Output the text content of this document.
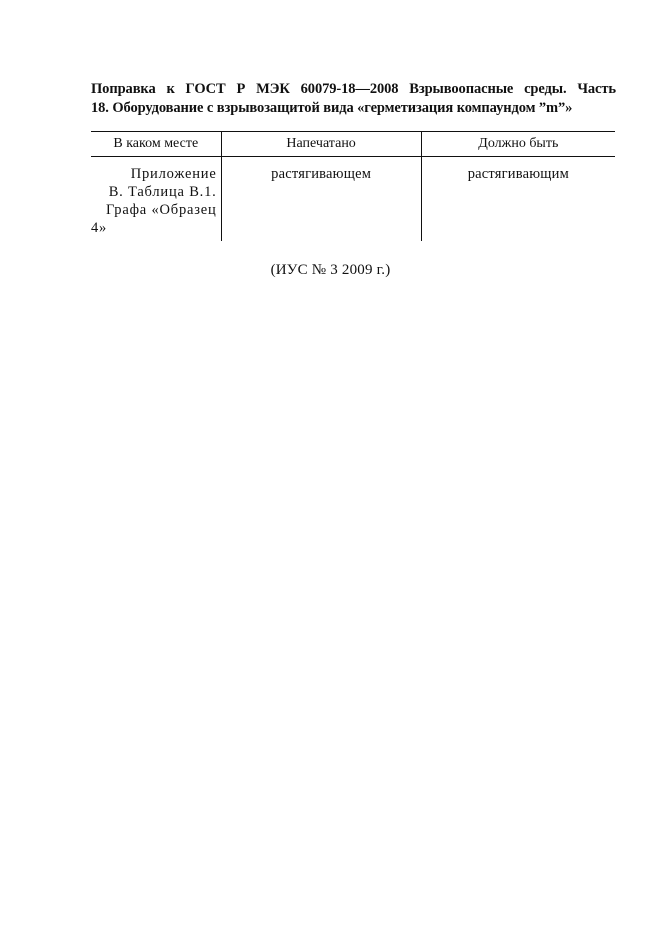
Поправка к ГОСТ Р МЭК 60079-18—2008 Взрывоопасные среды. Часть
18. Оборудование с взрывозащитой вида «герметизация компаундом ”m”»
В каком месте	Напечатано	Должно быть

Приложение
В. Таблица В.1.
Графа «Образец
4»	растягивающем	растягивающим
(ИУС № 3 2009 г.)
